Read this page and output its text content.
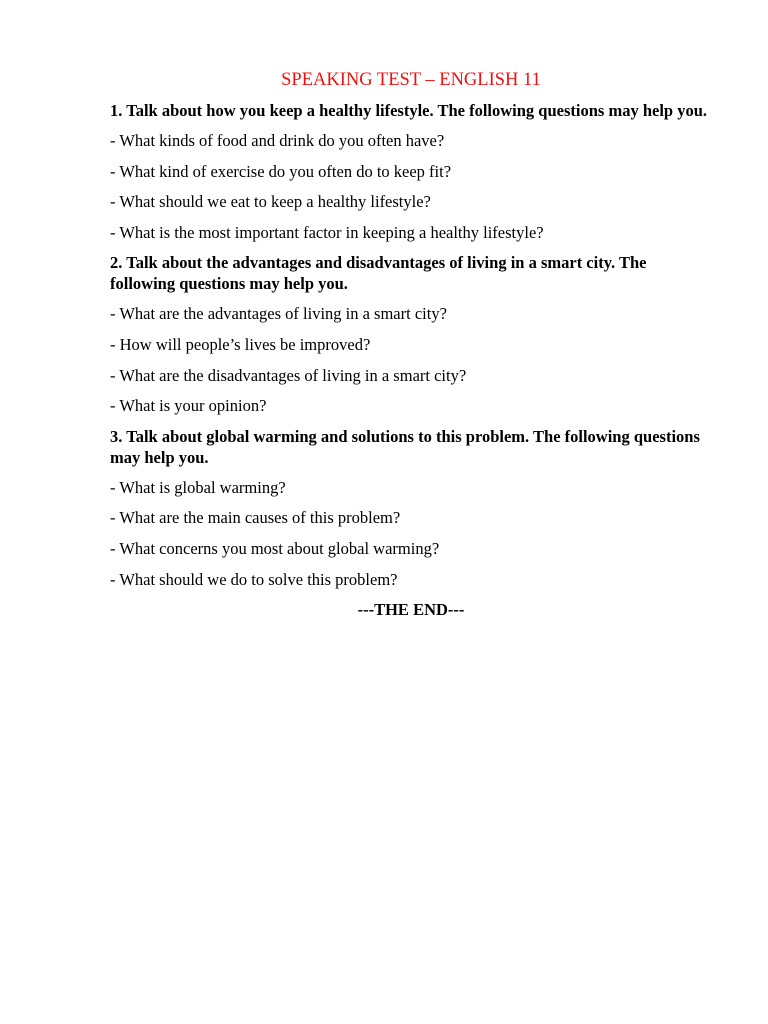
SPEAKING TEST – ENGLISH 11
1. Talk about how you keep a healthy lifestyle. The following questions may help you.
- What kinds of food and drink do you often have?
- What kind of exercise do you often do to keep fit?
- What should we eat to keep a healthy lifestyle?
- What is the most important factor in keeping a healthy lifestyle?
2. Talk about the advantages and disadvantages of living in a smart city. The following questions may help you.
- What are the advantages of living in a smart city?
- How will people’s lives be improved?
- What are the disadvantages of living in a smart city?
- What is your opinion?
3. Talk about global warming and solutions to this problem. The following questions may help you.
- What is global warming?
- What are the main causes of this problem?
- What concerns you most about global warming?
- What should we do to solve this problem?
---THE END---
